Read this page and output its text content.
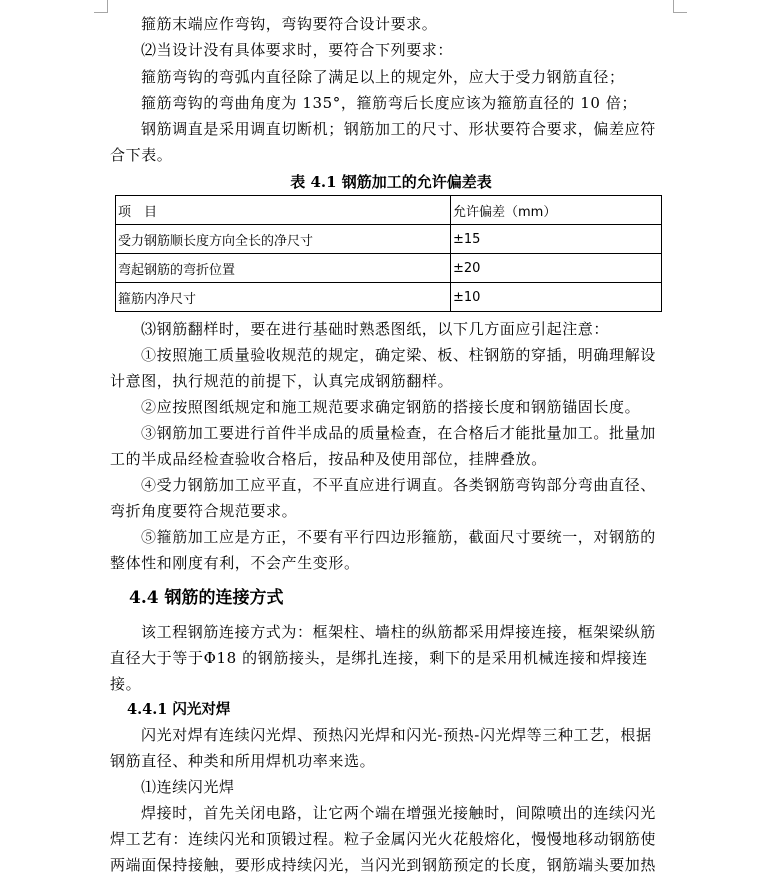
箍筋末端应作弯钩，弯钩要符合设计要求。
⑵当设计没有具体要求时，要符合下列要求：
箍筋弯钩的弯弧内直径除了满足以上的规定外，应大于受力钢筋直径；
箍筋弯钩的弯曲角度为 135°，箍筋弯后长度应该为箍筋直径的 10 倍；
钢筋调直是采用调直切断机；钢筋加工的尺寸、形状要符合要求，偏差应符
合下表。
表 4.1 钢筋加工的允许偏差表
项　目	允许偏差（mm）
受力钢筋顺长度方向全长的净尺寸	±15
弯起钢筋的弯折位置	±20
箍筋内净尺寸	±10
⑶钢筋翻样时，要在进行基础时熟悉图纸，以下几方面应引起注意：
①按照施工质量验收规范的规定，确定梁、板、柱钢筋的穿插，明确理解设
计意图，执行规范的前提下，认真完成钢筋翻样。
②应按照图纸规定和施工规范要求确定钢筋的搭接长度和钢筋锚固长度。
③钢筋加工要进行首件半成品的质量检查，在合格后才能批量加工。批量加
工的半成品经检查验收合格后，按品种及使用部位，挂牌叠放。
④受力钢筋加工应平直，不平直应进行调直。各类钢筋弯钩部分弯曲直径、
弯折角度要符合规范要求。
⑤箍筋加工应是方正，不要有平行四边形箍筋，截面尺寸要统一，对钢筋的
整体性和刚度有利，不会产生变形。
4.4 钢筋的连接方式
该工程钢筋连接方式为：框架柱、墙柱的纵筋都采用焊接连接，框架梁纵筋
直径大于等于Φ18 的钢筋接头，是绑扎连接，剩下的是采用机械连接和焊接连
接。
4.4.1 闪光对焊
闪光对焊有连续闪光焊、预热闪光焊和闪光-预热-闪光焊等三种工艺，根据
钢筋直径、种类和所用焊机功率来选。
⑴连续闪光焊
焊接时，首先关闭电路，让它两个端在增强光接触时，间隙喷出的连续闪光
焊工艺有：连续闪光和顶锻过程。粒子金属闪光火花般熔化，慢慢地移动钢筋使
两端面保持接触，要形成持续闪光，当闪光到钢筋预定的长度，钢筋端头要加热
